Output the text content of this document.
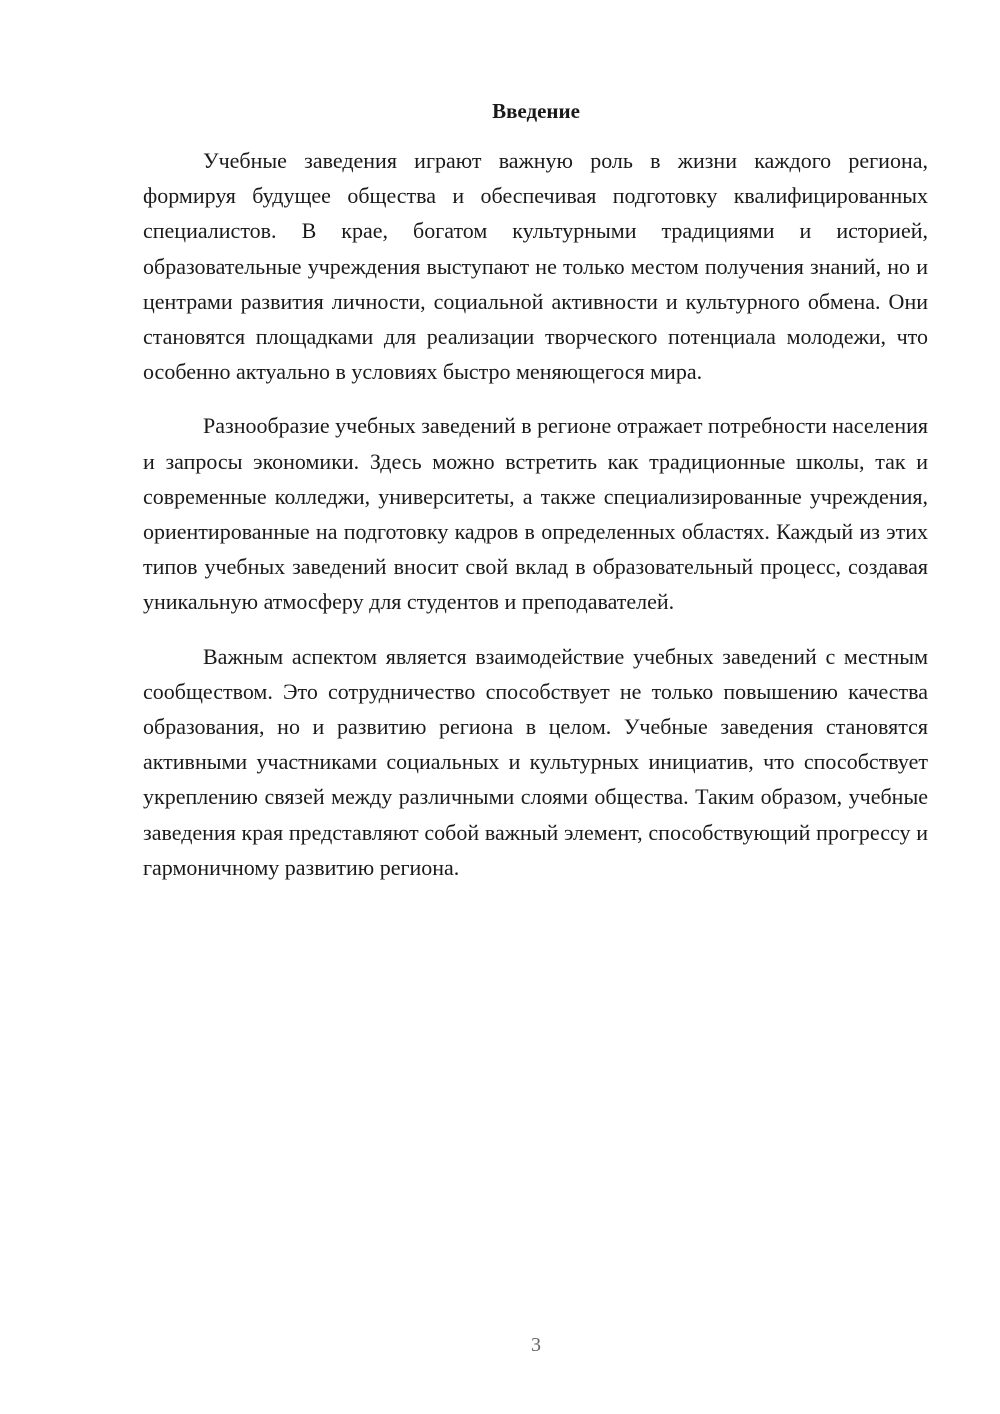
Введение

Учебные заведения играют важную роль в жизни каждого региона, формируя будущее общества и обеспечивая подготовку квалифицированных специалистов. В крае, богатом культурными традициями и историей, образовательные учреждения выступают не только местом получения знаний, но и центрами развития личности, социальной активности и культурного обмена. Они становятся площадками для реализации творческого потенциала молодежи, что особенно актуально в условиях быстро меняющегося мира.

Разнообразие учебных заведений в регионе отражает потребности населения и запросы экономики. Здесь можно встретить как традиционные школы, так и современные колледжи, университеты, а также специализированные учреждения, ориентированные на подготовку кадров в определенных областях. Каждый из этих типов учебных заведений вносит свой вклад в образовательный процесс, создавая уникальную атмосферу для студентов и преподавателей.

Важным аспектом является взаимодействие учебных заведений с местным сообществом. Это сотрудничество способствует не только повышению качества образования, но и развитию региона в целом. Учебные заведения становятся активными участниками социальных и культурных инициатив, что способствует укреплению связей между различными слоями общества. Таким образом, учебные заведения края представляют собой важный элемент, способствующий прогрессу и гармоничному развитию региона.

3
